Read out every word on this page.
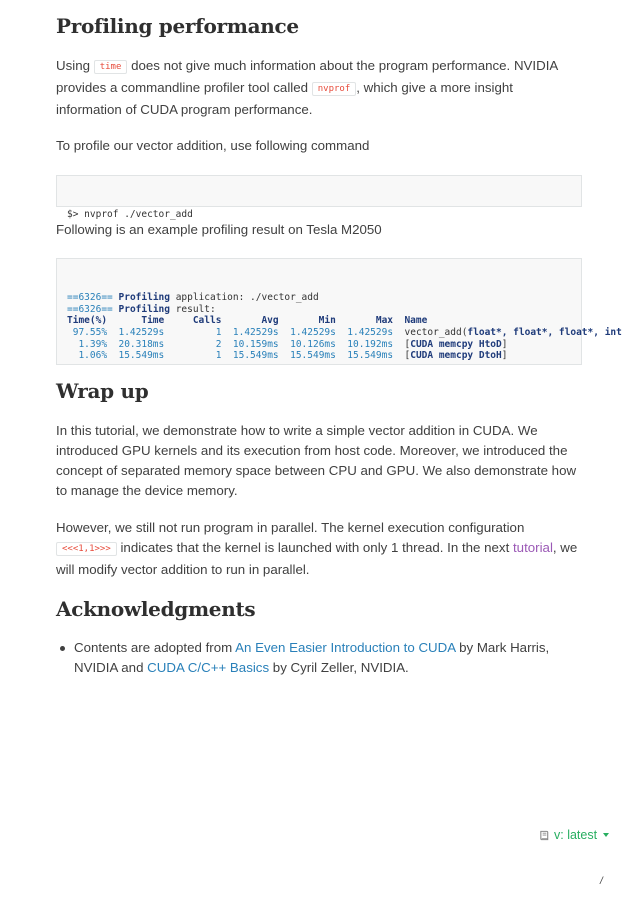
Profiling performance

Using time does not give much information about the program performance. NVIDIA provides a commandline profiler tool called nvprof , which give a more insight information of CUDA program performance.

To profile our vector addition, use following command

$> nvprof ./vector_add

Following is an example profiling result on Tesla M2050

==6326== Profiling application: ./vector_add
==6326== Profiling result:
Time(%)      Time     Calls       Avg       Min       Max  Name
97.55%  1.42529s         1  1.42529s  1.42529s  1.42529s  vector_add(float*, float*, float*, int
1.39%  20.318ms         2  10.159ms  10.126ms  10.192ms  [CUDA memcpy HtoD]
1.06%  15.549ms         1  15.549ms  15.549ms  15.549ms  [CUDA memcpy DtoH]

Wrap up

In this tutorial, we demonstrate how to write a simple vector addition in CUDA. We introduced GPU kernels and its execution from host code. Moreover, we introduced the concept of separated memory space between CPU and GPU. We also demonstrate how to manage the device memory.

However, we still not run program in parallel. The kernel execution configuration <<<1,1>>> indicates that the kernel is launched with only 1 thread. In the next tutorial, we will modify vector addition to run in parallel.

Acknowledgments
Contents are adopted from An Even Easier Introduction to CUDA by Mark Harris, NVIDIA and CUDA C/C++ Basics by Cyril Zeller, NVIDIA.
v: latest
/
